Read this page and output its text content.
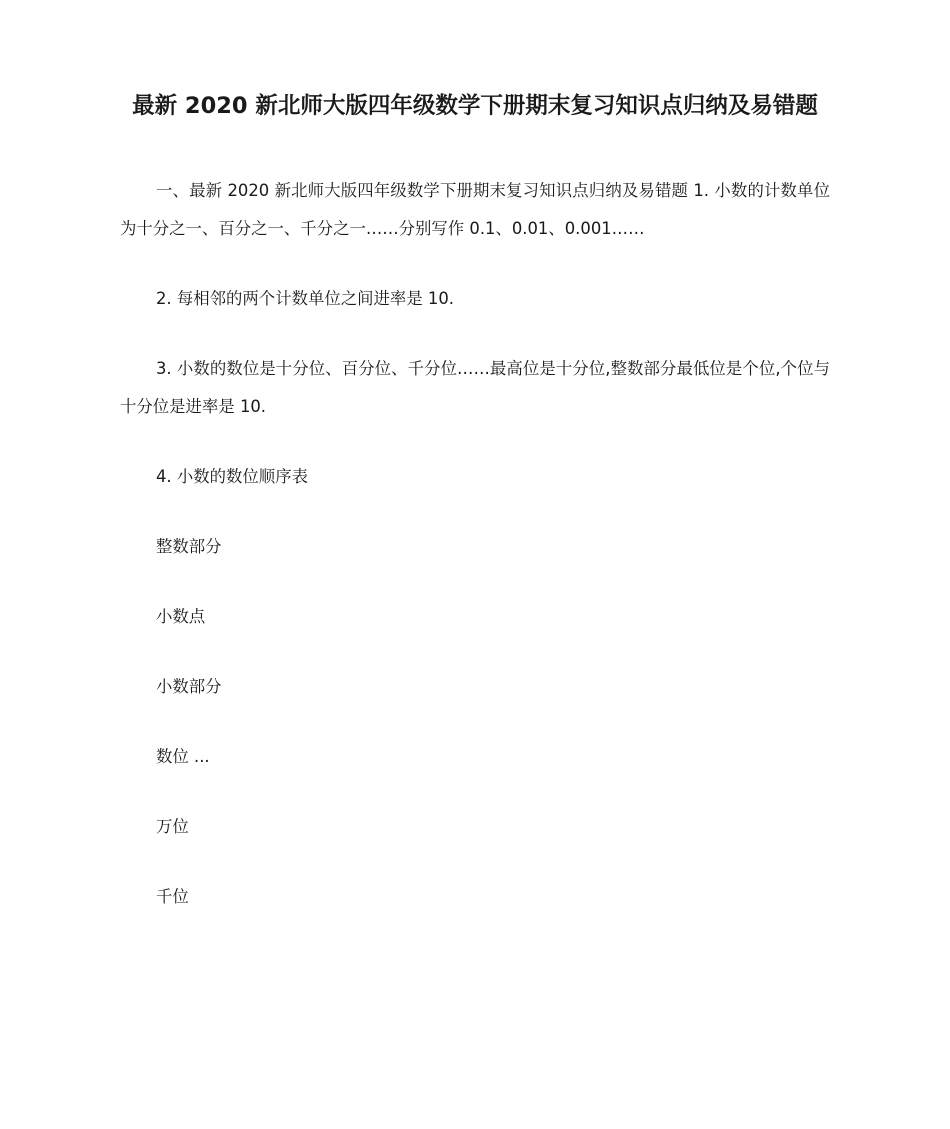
最新 2020 新北师大版四年级数学下册期末复习知识点归纳及易错题

一、最新 2020 新北师大版四年级数学下册期末复习知识点归纳及易错题 1. 小数的计数单位为十分之一、百分之一、千分之一……分别写作 0.1、0.01、0.001……

2. 每相邻的两个计数单位之间进率是 10.

3. 小数的数位是十分位、百分位、千分位……最高位是十分位,整数部分最低位是个位,个位与十分位是进率是 10.

4. 小数的数位顺序表

整数部分

小数点

小数部分

数位 ...

万位

千位
